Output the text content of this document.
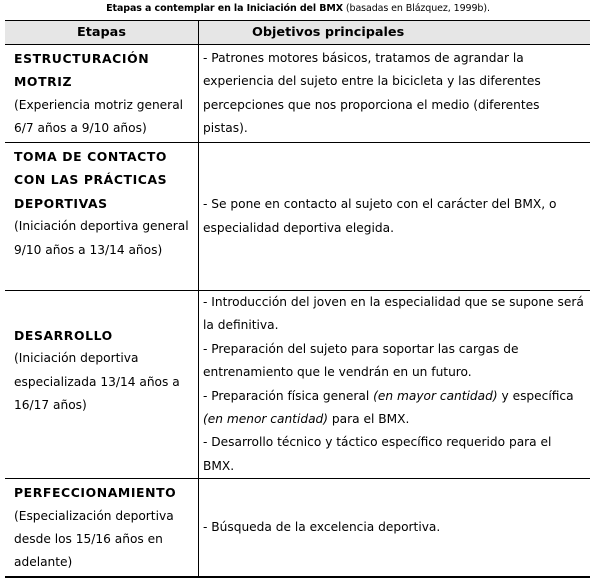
Etapas a contemplar en la Iniciación del BMX (basadas en Blázquez, 1999b).
Etapas	Objetivos principales

ESTRUCTURACIÓN MOTRIZ
(Experiencia motriz general 6/7 años a 9/10 años)	- Patrones motores básicos, tratamos de agrandar la experiencia del sujeto entre la bicicleta y las diferentes percepciones que nos proporciona el medio (diferentes pistas).

TOMA DE CONTACTO CON LAS PRÁCTICAS DEPORTIVAS
(Iniciación deportiva general 9/10 años a 13/14 años)	- Se pone en contacto al sujeto con el carácter del BMX, o especialidad deportiva elegida.

DESARROLLO
(Iniciación deportiva especializada 13/14 años a 16/17 años)	- Introducción del joven en la especialidad que se supone será la definitiva.
- Preparación del sujeto para soportar las cargas de entrenamiento que le vendrán en un futuro.
- Preparación física general (en mayor cantidad) y específica (en menor cantidad) para el BMX.
- Desarrollo técnico y táctico específico requerido para el BMX.

PERFECCIONAMIENTO
(Especialización deportiva desde los 15/16 años en adelante)	- Búsqueda de la excelencia deportiva.
